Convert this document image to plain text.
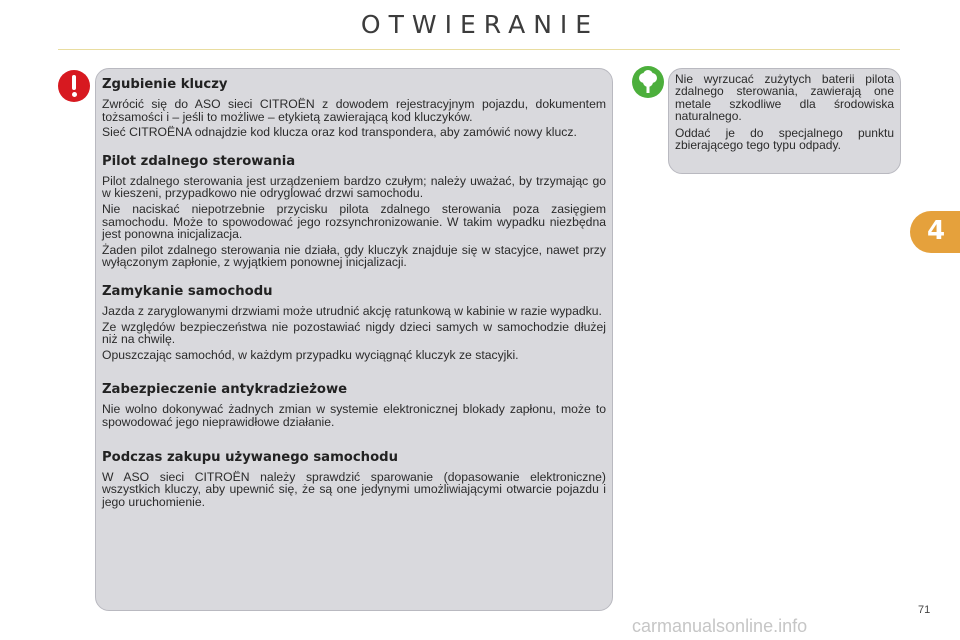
OTWIERANIE
Zgubienie kluczy

Zwrócić się do ASO sieci CITROËN z dowodem rejestracyjnym pojazdu, dokumentem tożsamości i – jeśli to możliwe – etykietą zawierającą kod kluczyków.

Sieć CITROËNA odnajdzie kod klucza oraz kod transpondera, aby zamówić nowy klucz.

Pilot zdalnego sterowania

Pilot zdalnego sterowania jest urządzeniem bardzo czułym; należy uważać, by trzymając go w kieszeni, przypadkowo nie odryglować drzwi samochodu.

Nie naciskać niepotrzebnie przycisku pilota zdalnego sterowania poza zasięgiem samochodu. Może to spowodować jego rozsynchronizowanie. W takim wypadku niezbędna jest ponowna inicjalizacja.

Żaden pilot zdalnego sterowania nie działa, gdy kluczyk znajduje się w stacyjce, nawet przy wyłączonym zapłonie, z wyjątkiem ponownej inicjalizacji.

Zamykanie samochodu

Jazda z zaryglowanymi drzwiami może utrudnić akcję ratunkową w kabinie w razie wypadku.

Ze względów bezpieczeństwa nie pozostawiać nigdy dzieci samych w samochodzie dłużej niż na chwilę.

Opuszczając samochód, w każdym przypadku wyciągnąć kluczyk ze stacyjki.

Zabezpieczenie antykradzieżowe

Nie wolno dokonywać żadnych zmian w systemie elektronicznej blokady zapłonu, może to spowodować jego nieprawidłowe działanie.

Podczas zakupu używanego samochodu

W ASO sieci CITROËN należy sprawdzić sparowanie (dopasowanie elektroniczne) wszystkich kluczy, aby upewnić się, że są one jedynymi umożliwiającymi otwarcie pojazdu i jego uruchomienie.

Nie wyrzucać zużytych baterii pilota zdalnego sterowania, zawierają one metale szkodliwe dla środowiska naturalnego.

Oddać je do specjalnego punktu zbierającego tego typu odpady.

4
71
carmanualsonline.info
